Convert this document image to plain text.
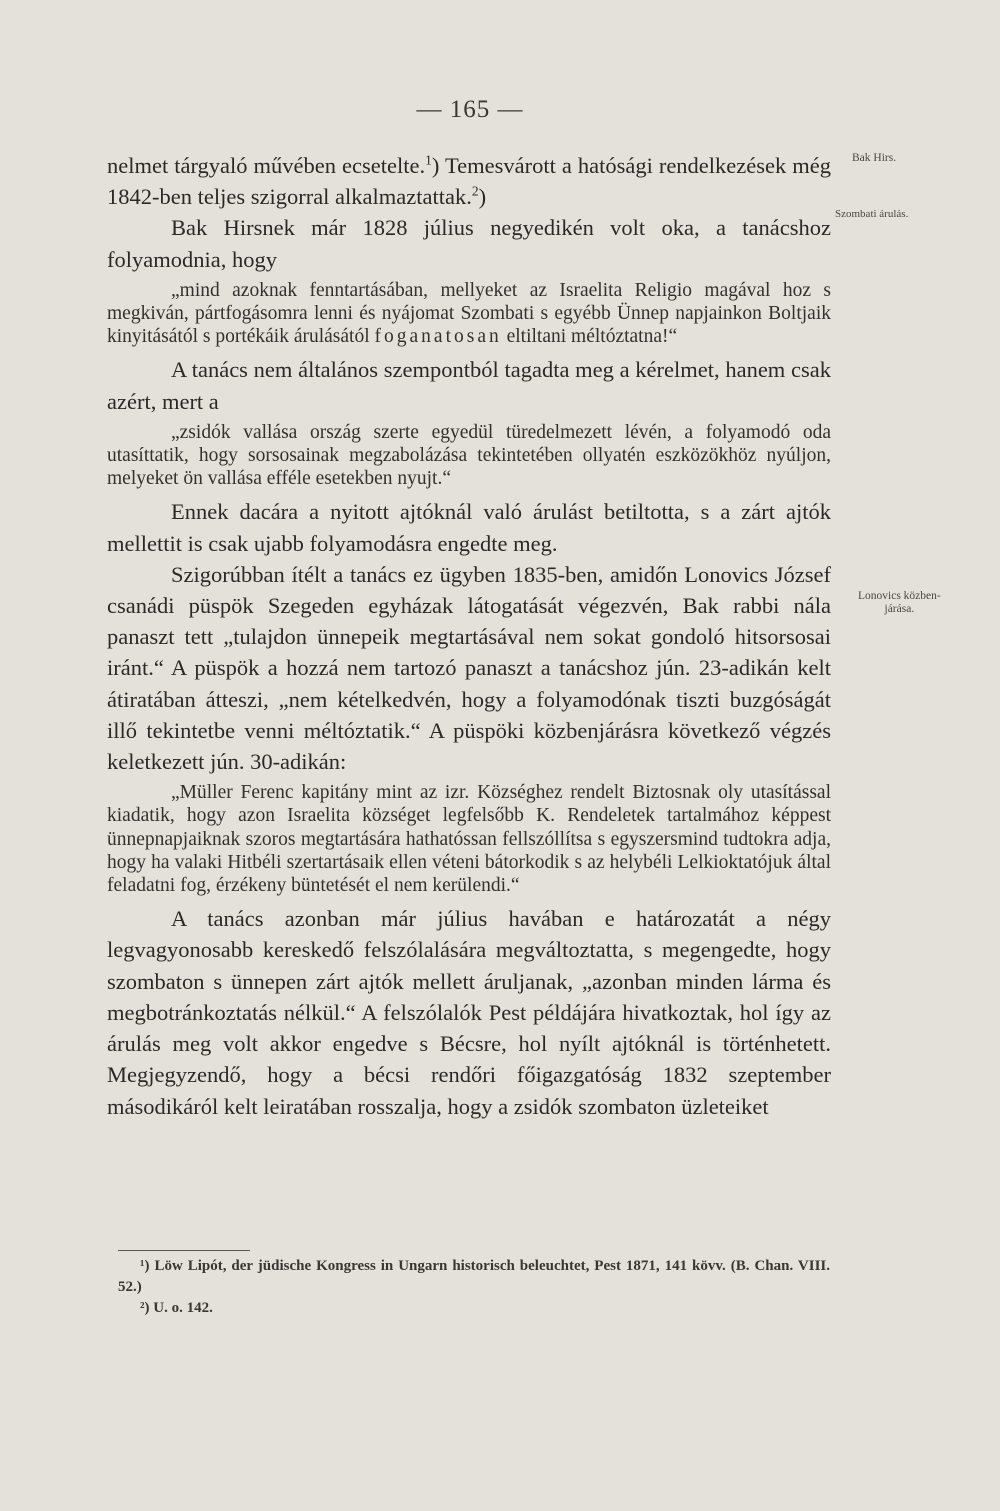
— 165 —
Bak Hirs.
Szombati árulás.
Lonovics közben-
járása.

nelmet tárgyaló művében ecsetelte.$^1$) Temesvárott a hatósági rendelkezések még 1842-ben teljes szigorral alkalmaztattak.$^2$)

Bak Hirsnek már 1828 július negyedikén volt oka, a tanácshoz folyamodnia, hogy

„mind azoknak fenntartásában, mellyeket az Israelita Religio magával hoz s megkiván, pártfogásomra lenni és nyájomat Szombati s egyébb Ünnep napjainkon Boltjaik kinyitásától s portékáik árulásától foganatosan eltiltani méltóztatna!“

A tanács nem általános szempontból tagadta meg a kérelmet, hanem csak azért, mert a

„zsidók vallása ország szerte egyedül türedelmezett lévén, a folyamodó oda utasíttatik, hogy sorsosainak megzabolázása tekintetében ollyatén eszközökhöz nyúljon, melyeket ön vallása efféle esetekben nyujt.“

Ennek dacára a nyitott ajtóknál való árulást betiltotta, s a zárt ajtók mellettit is csak ujabb folyamodásra engedte meg.

Szigorúbban ítélt a tanács ez ügyben 1835-ben, amidőn Lonovics József csanádi püspök Szegeden egyházak látogatását végezvén, Bak rabbi nála panaszt tett „tulajdon ünnepeik megtartásával nem sokat gondoló hitsorsosai iránt.“ A püspök a hozzá nem tartozó panaszt a tanácshoz jún. 23-adikán kelt átiratában átteszi, „nem kételkedvén, hogy a folyamodónak tiszti buzgóságát illő tekintetbe venni méltóztatik.“ A püspöki közbenjárásra következő végzés keletkezett jún. 30-adikán:

„Müller Ferenc kapitány mint az izr. Községhez rendelt Biztosnak oly utasítással kiadatik, hogy azon Israelita községet legfelsőbb K. Rendeletek tartalmához képpest ünnepnapjaiknak szoros megtartására hathatóssan fellszóllítsa s egyszersmind tudtokra adja, hogy ha valaki Hitbéli szertartásaik ellen véteni bátorkodik s az helybéli Lelkioktatójuk által feladatni fog, érzékeny büntetését el nem kerülendi.“

A tanács azonban már július havában e határozatát a négy legvagyonosabb kereskedő felszólalására megváltoztatta, s megengedte, hogy szombaton s ünnepen zárt ajtók mellett áruljanak, „azonban minden lárma és megbotránkoztatás nélkül.“ A felszólalók Pest példájára hivatkoztak, hol így az árulás meg volt akkor engedve s Bécsre, hol nyílt ajtóknál is történhetett. Megjegyzendő, hogy a bécsi rendőri főigazgatóság 1832 szeptember másodikáról kelt leiratában rosszalja, hogy a zsidók szombaton üzleteiket

¹) Löw Lipót, der jüdische Kongress in Ungarn historisch beleuchtet, Pest 1871, 141 kövv. (B. Chan. VIII. 52.)

²) U. o. 142.
